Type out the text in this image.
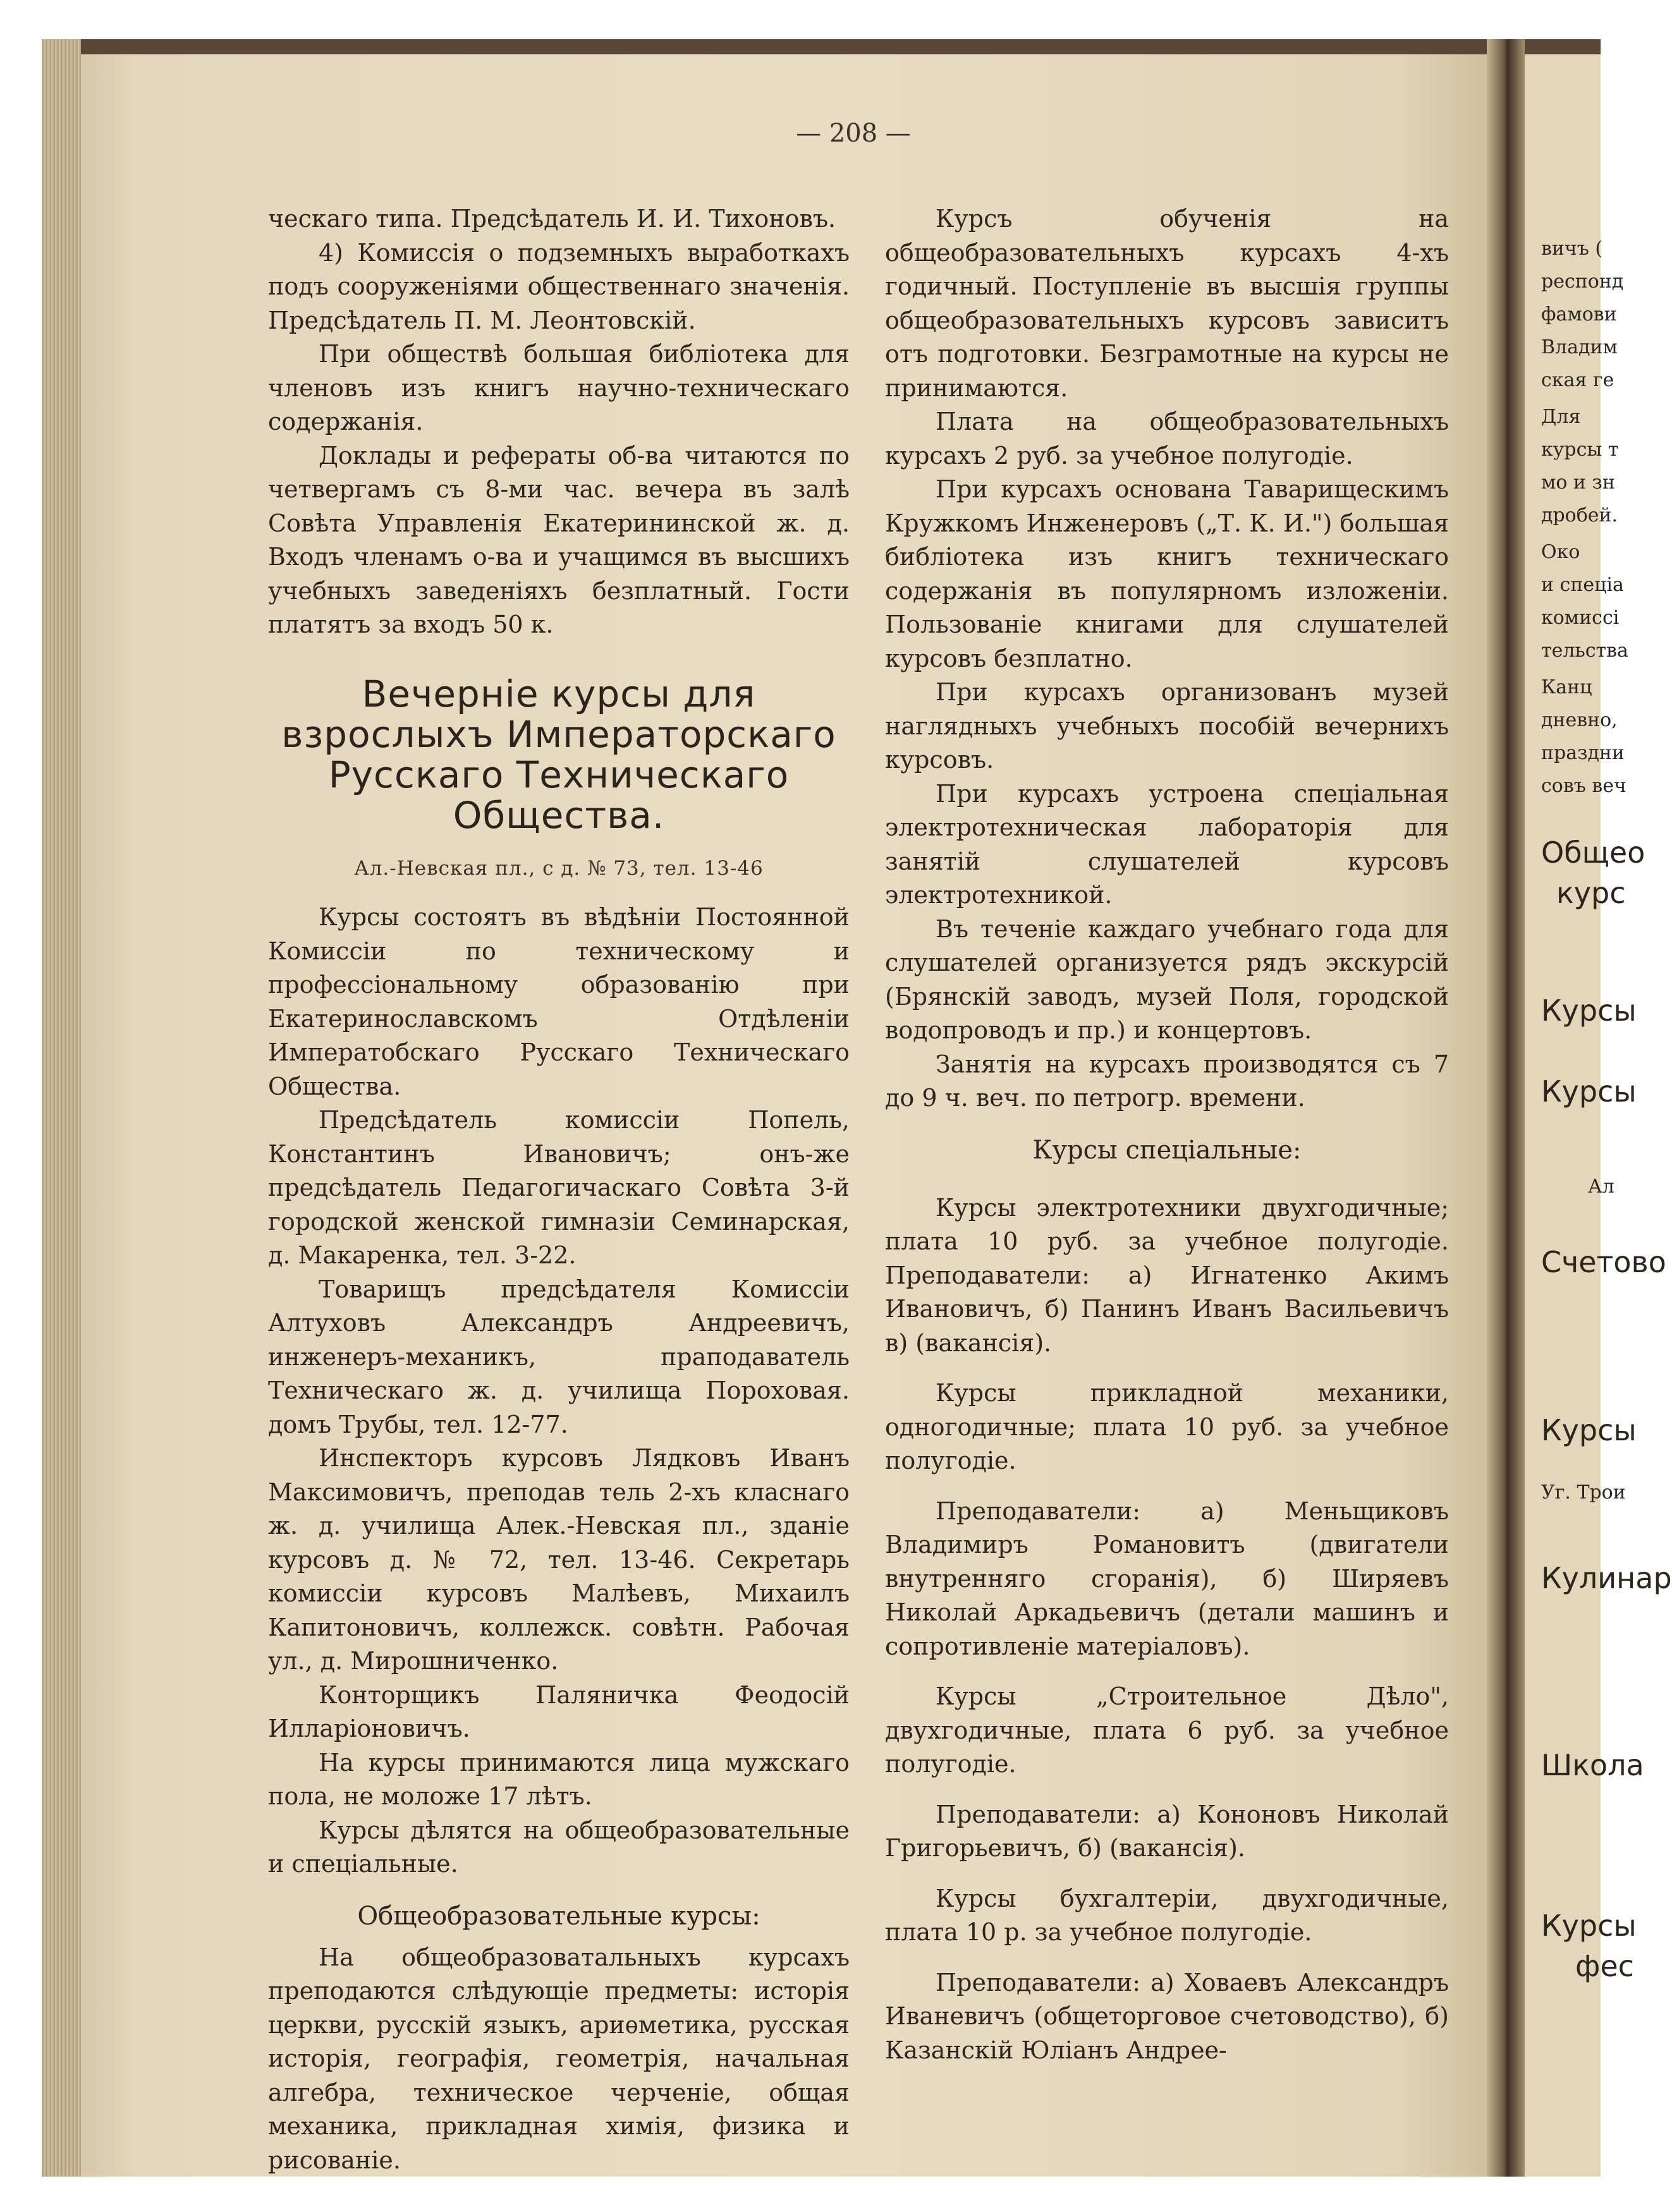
вичъ (
респонд
фамови
Владим
ская ге
Для
курсы т
мо и зн
дробей.
Око
и спеціа
комиссі
тельства
Канц
дневно,
праздни
совъ веч
Общео
курс
Курсы
Курсы
Ал
Счетово
Курсы
Уг. Трои
Кулинар
Школа
Курсы
фес
— 208 —

ческаго типа. Предсѣдатель И. И. Тихоновъ.

4) Комиссія о подземныхъ выработкахъ подъ сооруженіями общественнаго значенія. Предсѣдатель П. М. Леонтовскій.

При обществѣ большая библіотека для членовъ изъ книгъ научно-техническаго содержанія.

Доклады и рефераты об-ва читаются по четвергамъ съ 8-ми час. вечера въ залѣ Совѣта Управленія Екатерининской ж. д. Входъ членамъ о-ва и учащимся въ высшихъ учебныхъ заведеніяхъ безплатный. Гости платятъ за входъ 50 к.

Вечерніе курсы для взрослыхъ Императорскаго Русскаго Техническаго Общества.
Ал.-Невская пл., с д. № 73, тел. 13-46

Курсы состоятъ въ вѣдѣніи Постоянной Комиссіи по техническому и профессіональному образованію при Екатеринославскомъ Отдѣленіи Императобскаго Русскаго Техническаго Общества.

Предсѣдатель комиссіи Попель, Константинъ Ивановичъ; онъ-же предсѣдатель Педагогичаскаго Совѣта 3-й городской женской гимназіи Семинарская, д. Макаренка, тел. 3-22.

Товарищъ предсѣдателя Комиссіи Алтуховъ Александръ Андреевичъ, инженеръ-механикъ, праподаватель Техническаго ж. д. училища Пороховая. домъ Трубы, тел. 12-77.

Инспекторъ курсовъ Лядковъ Иванъ Максимовичъ, преподав тель 2-хъ класнаго ж. д. училища Алек.-Невская пл., зданіе курсовъ д. № 72, тел. 13-46. Секретарь комиссіи курсовъ Малѣевъ, Михаилъ Капитоновичъ, коллежск. совѣтн. Рабочая ул., д. Мирошниченко.

Конторщикъ Паляничка Феодосій Илларіоновичъ.

На курсы принимаются лица мужскаго пола, не моложе 17 лѣтъ.

Курсы дѣлятся на общеобразовательные и спеціальные.

Общеобразовательные курсы:

На общеобразоватальныхъ курсахъ преподаются слѣдующіе предметы: исторія церкви, русскій языкъ, ариѳметика, русская исторія, географія, геометрія, начальная алгебра, техническое черченіе, общая механика, прикладная химія, физика и рисованіе.

Курсъ обученія на общеобразовательныхъ курсахъ 4-хъ годичный. Поступленіе въ высшія группы общеобразовательныхъ курсовъ зависитъ отъ подготовки. Безграмотные на курсы не принимаются.

Плата на общеобразовательныхъ курсахъ 2 руб. за учебное полугодіе.

При курсахъ основана Таварищескимъ Кружкомъ Инженеровъ („Т. К. И.") большая библіотека изъ книгъ техническаго содержанія въ популярномъ изложеніи. Пользованіе книгами для слушателей курсовъ безплатно.

При курсахъ организованъ музей наглядныхъ учебныхъ пособій вечернихъ курсовъ.

При курсахъ устроена спеціальная электротехническая лабораторія для занятій слушателей курсовъ электротехникой.

Въ теченіе каждаго учебнаго года для слушателей организуется рядъ экскурсій (Брянскій заводъ, музей Поля, городской водопроводъ и пр.) и концертовъ.

Занятія на курсахъ производятся съ 7 до 9 ч. веч. по петрогр. времени.

Курсы спеціальные:

Курсы электротехники двухгодичные; плата 10 руб. за учебное полугодіе. Преподаватели: а) Игнатенко Акимъ Ивановичъ, б) Панинъ Иванъ Васильевичъ в) (вакансія).

Курсы прикладной механики, одногодичные; плата 10 руб. за учебное полугодіе.

Преподаватели: а) Меньщиковъ Владимиръ Романовитъ (двигатели внутренняго сгоранія), б) Ширяевъ Николай Аркадьевичъ (детали машинъ и сопротивленіе матеріаловъ).

Курсы „Строительное Дѣло", двухгодичные, плата 6 руб. за учебное полугодіе.

Преподаватели: а) Кононовъ Николай Григорьевичъ, б) (вакансія).

Курсы бухгалтеріи, двухгодичные, плата 10 р. за учебное полугодіе.

Преподаватели: а) Ховаевъ Александръ Иваневичъ (общеторговое счетоводство), б) Казанскій Юліанъ Андрее-
